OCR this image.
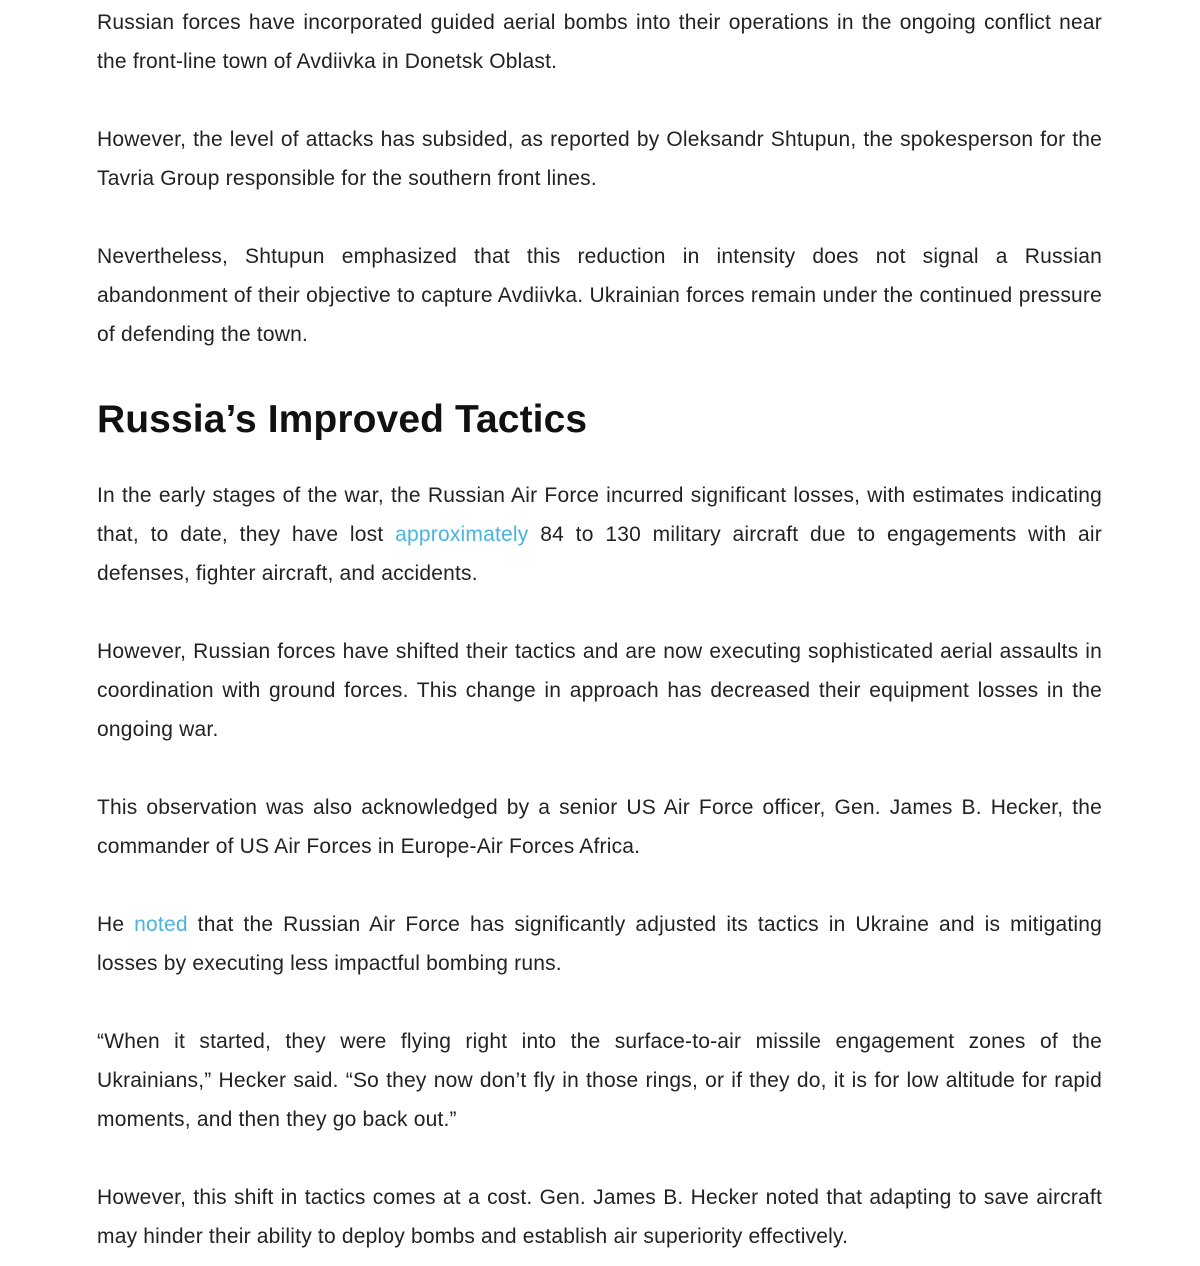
Russian forces have incorporated guided aerial bombs into their operations in the ongoing conflict near the front-line town of Avdiivka in Donetsk Oblast.

However, the level of attacks has subsided, as reported by Oleksandr Shtupun, the spokesperson for the Tavria Group responsible for the southern front lines.

Nevertheless, Shtupun emphasized that this reduction in intensity does not signal a Russian abandonment of their objective to capture Avdiivka. Ukrainian forces remain under the continued pressure of defending the town.

Russia’s Improved Tactics

In the early stages of the war, the Russian Air Force incurred significant losses, with estimates indicating that, to date, they have lost approximately 84 to 130 military aircraft due to engagements with air defenses, fighter aircraft, and accidents.

However, Russian forces have shifted their tactics and are now executing sophisticated aerial assaults in coordination with ground forces. This change in approach has decreased their equipment losses in the ongoing war.

This observation was also acknowledged by a senior US Air Force officer, Gen. James B. Hecker, the commander of US Air Forces in Europe-Air Forces Africa.

He noted that the Russian Air Force has significantly adjusted its tactics in Ukraine and is mitigating losses by executing less impactful bombing runs.

“When it started, they were flying right into the surface-to-air missile engagement zones of the Ukrainians,” Hecker said. “So they now don’t fly in those rings, or if they do, it is for low altitude for rapid moments, and then they go back out.”

However, this shift in tactics comes at a cost. Gen. James B. Hecker noted that adapting to save aircraft may hinder their ability to deploy bombs and establish air superiority effectively.
